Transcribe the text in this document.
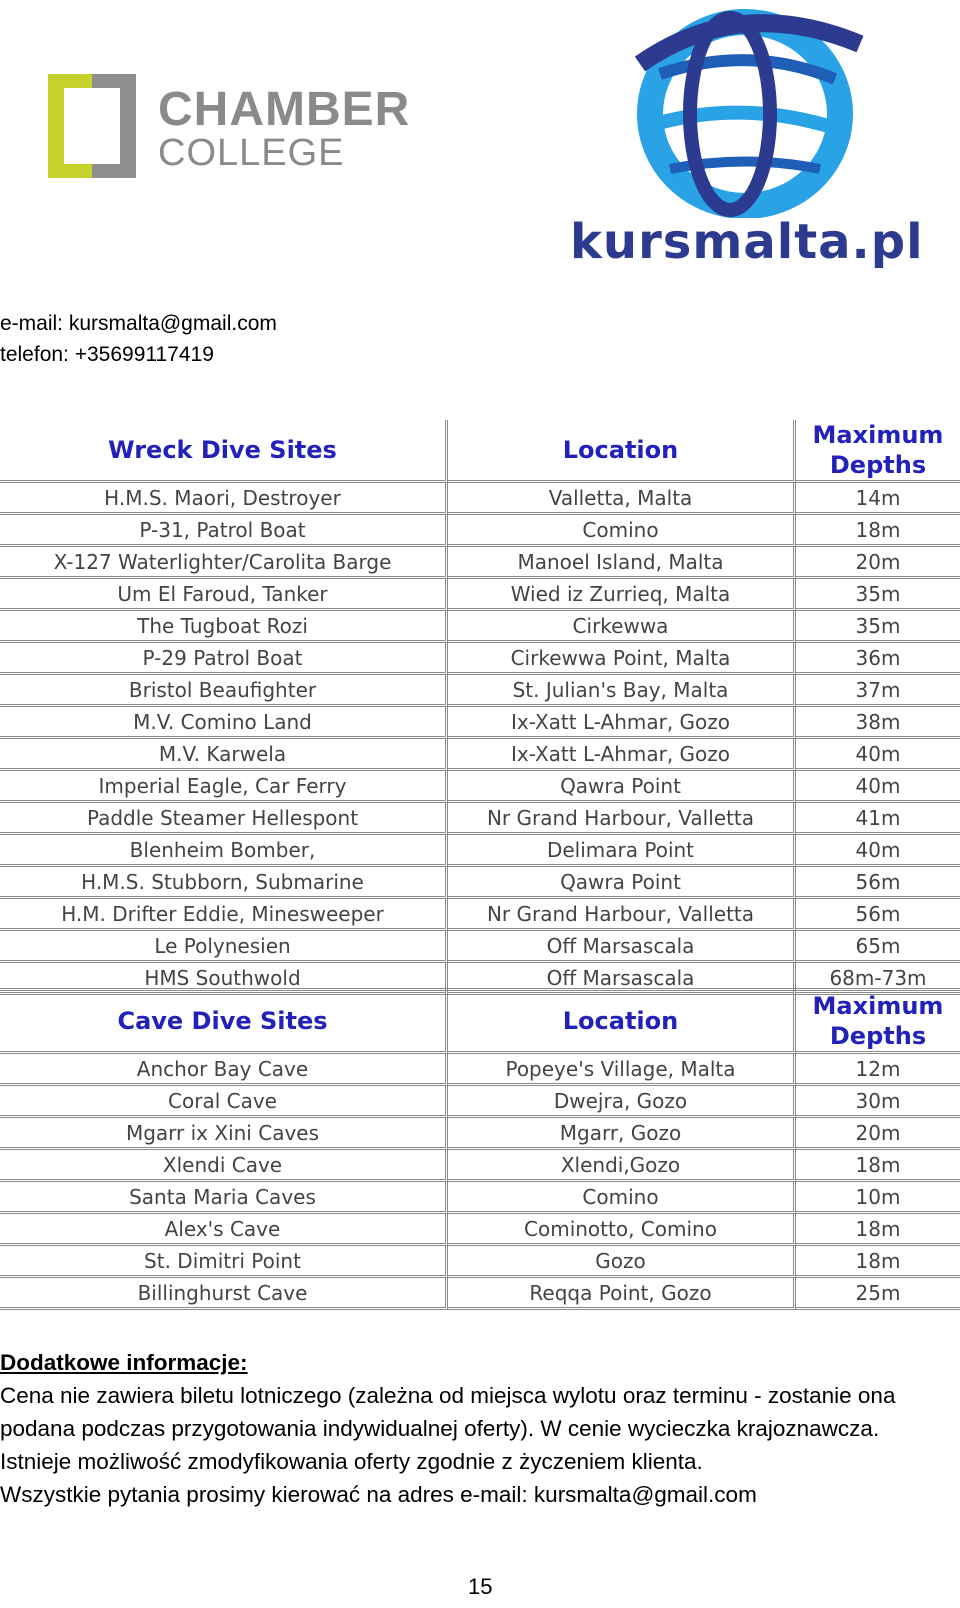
CHAMBER
COLLEGE
kursmalta.pl
e-mail: kursmalta@gmail.com
telefon: +35699117419
Wreck Dive Sites	Location	Maximum Depths
H.M.S. Maori, Destroyer	Valletta, Malta	14m
P-31, Patrol Boat	Comino	18m
X-127 Waterlighter/Carolita Barge	Manoel Island, Malta	20m
Um El Faroud, Tanker	Wied iz Zurrieq, Malta	35m
The Tugboat Rozi	Cirkewwa	35m
P-29 Patrol Boat	Cirkewwa Point, Malta	36m
Bristol Beaufighter	St. Julian's Bay, Malta	37m
M.V. Comino Land	Ix-Xatt L-Ahmar, Gozo	38m
M.V. Karwela	Ix-Xatt L-Ahmar, Gozo	40m
Imperial Eagle, Car Ferry	Qawra Point	40m
Paddle Steamer Hellespont	Nr Grand Harbour, Valletta	41m
Blenheim Bomber,	Delimara Point	40m
H.M.S. Stubborn, Submarine	Qawra Point	56m
H.M. Drifter Eddie, Minesweeper	Nr Grand Harbour, Valletta	56m
Le Polynesien	Off Marsascala	65m
HMS Southwold	Off Marsascala	68m-73m
Cave Dive Sites	Location	Maximum Depths
Anchor Bay Cave	Popeye's Village, Malta	12m
Coral Cave	Dwejra, Gozo	30m
Mgarr ix Xini Caves	Mgarr, Gozo	20m
Xlendi Cave	Xlendi,Gozo	18m
Santa Maria Caves	Comino	10m
Alex's Cave	Cominotto, Comino	18m
St. Dimitri Point	Gozo	18m
Billinghurst Cave	Reqqa Point, Gozo	25m
Dodatkowe informacje:

Cena nie zawiera biletu lotniczego (zależna od miejsca wylotu oraz terminu - zostanie ona podana podczas przygotowania indywidualnej oferty). W cenie wycieczka krajoznawcza.

Istnieje możliwość zmodyfikowania oferty zgodnie z życzeniem klienta.

Wszystkie pytania prosimy kierować na adres e-mail: kursmalta@gmail.com

15
